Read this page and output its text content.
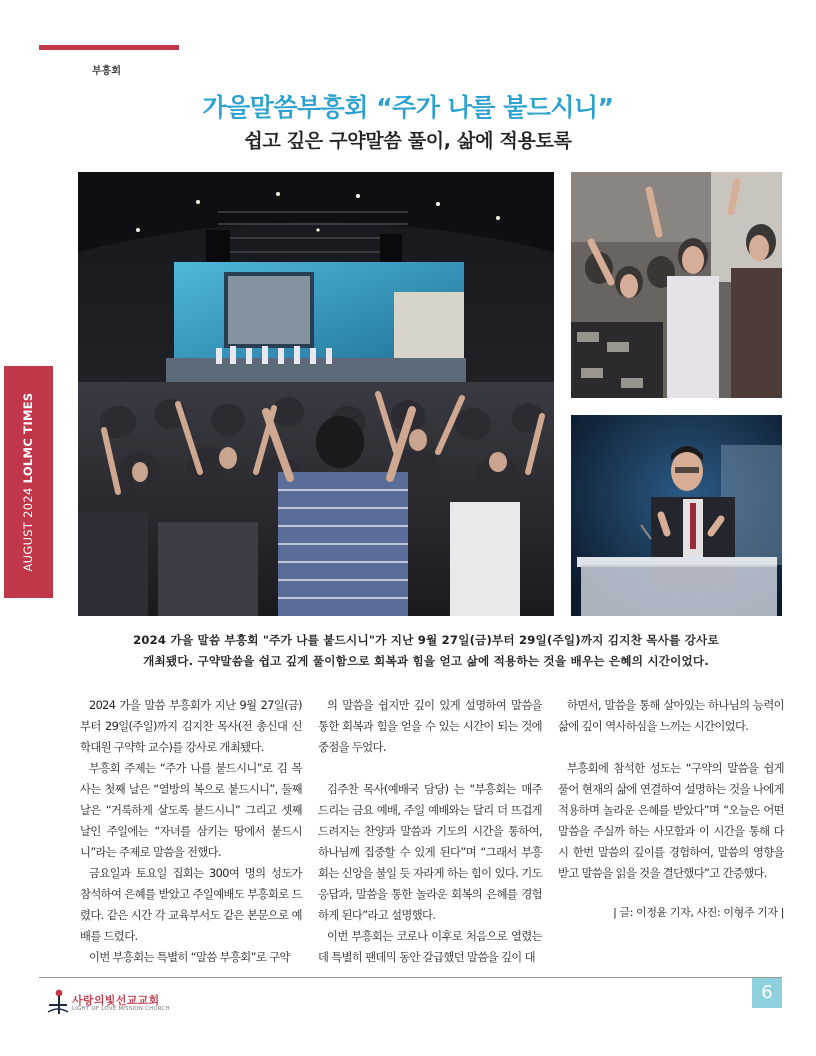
부흥회
가을말씀부흥회 “주가 나를 붙드시니”
쉽고 깊은 구약말씀 풀이, 삶에 적용토록
AUGUST 2024 LOLMC TIMES

2024 가을 말씀 부흥회 "주가 나를 붙드시니"가 지난 9월 27일(금)부터 29일(주일)까지 김지찬 목사를 강사로
개최됐다. 구약말씀을 쉽고 깊게 풀이함으로 회복과 힘을 얻고 삶에 적용하는 것을 배우는 은혜의 시간이었다.

2024 가을 말씀 부흥회가 지난 9월 27일(금)부터 29일(주일)까지 김지찬 목사(전 총신대 신학대원 구약학 교수)를 강사로 개최됐다.

부흥회 주제는 “주가 나를 붙드시니”로 김 목사는 첫째 날은 “열방의 복으로 붙드시니”, 둘째 날은 “거룩하게 살도록 붙드시니” 그리고 셋째 날인 주일에는 “자녀를 삼키는 땅에서 붙드시니”라는 주제로 말씀을 전했다.

금요일과 토요일 집회는 300여 명의 성도가 참석하여 은혜를 받았고 주일예배도 부흥회로 드렸다. 같은 시간 각 교육부서도 같은 본문으로 예배를 드렸다.

이번 부흥회는 특별히 “말씀 부흥회”로 구약

의 말씀을 쉽지만 깊이 있게 설명하여 말씀을 통한 회복과 힘을 얻을 수 있는 시간이 되는 것에 중점을 두었다.

김주찬 목사(예배국 담당) 는 “부흥회는 매주 드리는 금요 예배, 주일 예배와는 달리 더 뜨겁게 드려지는 찬양과 말씀과 기도의 시간을 통하여, 하나님께 집중할 수 있게 된다”며 “그래서 부흥회는 신앙을 불일 듯 자라게 하는 힘이 있다. 기도 응답과, 말씀을 통한 놀라운 회복의 은혜를 경험하게 된다”라고 설명했다.

이번 부흥회는 코로나 이후로 처음으로 열렸는데 특별히 팬데믹 동안 갈급했던 말씀을 깊이 대

하면서, 말씀을 통해 살아있는 하나님의 능력이 삶에 깊이 역사하심을 느끼는 시간이었다.

부흥회에 참석한 성도는 “구약의 말씀을 쉽게 풀어 현재의 삶에 연결하여 설명하는 것을 나에게 적용하며 놀라운 은혜를 받았다”며 “오늘은 어떤 말씀을 주실까 하는 사모함과 이 시간을 통해 다시 한번 말씀의 깊이를 경험하여, 말씀의 영향을 받고 말씀을 읽을 것을 결단했다”고 간증했다.

| 글: 이정윤 기자, 사진: 이형주 기자 |

사랑의빛선교교회
LIGHT OF LOVE MISSION CHURCH
6
